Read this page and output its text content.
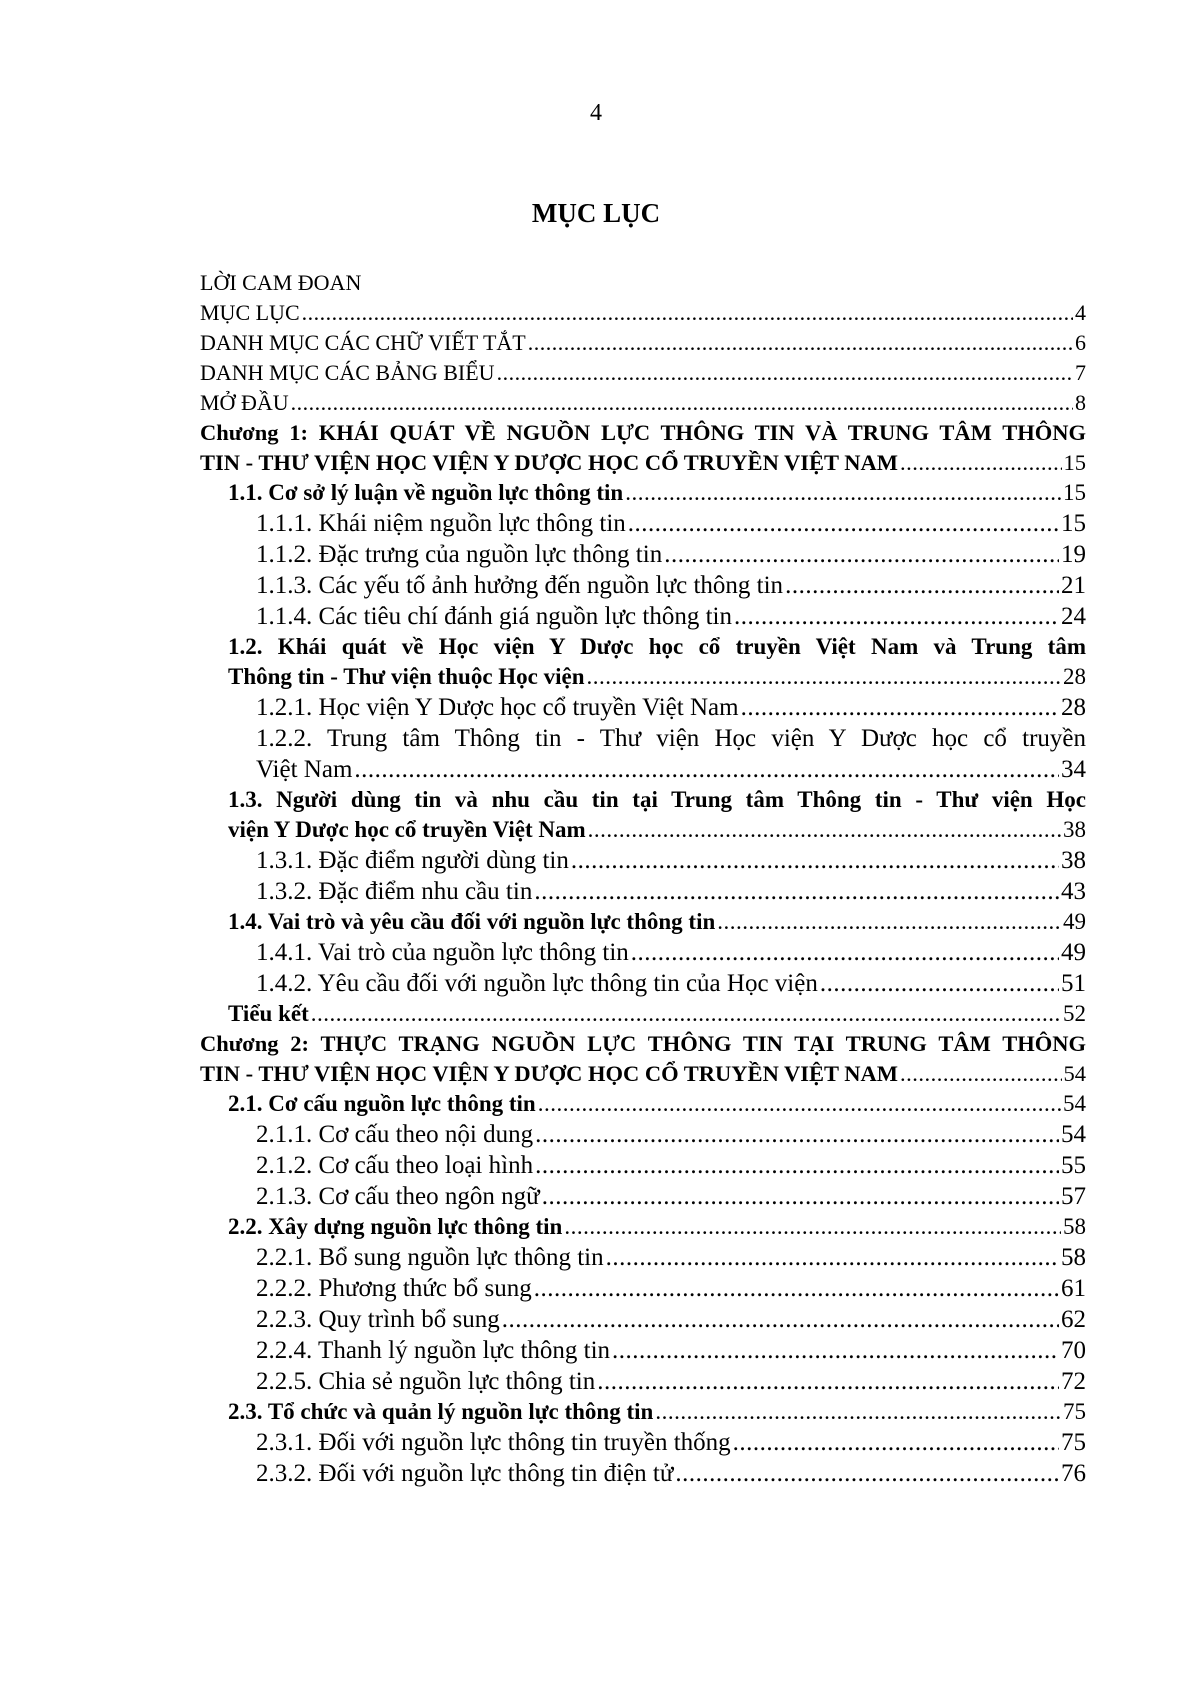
4
MỤC LỤC
LỜI CAM ĐOAN
MỤC LỤC .....	4
DANH MỤC CÁC CHỮ VIẾT TẮT .....	6
DANH MỤC CÁC BẢNG BIỂU .....	7
MỞ ĐẦU .....	8
Chương 1: KHÁI QUÁT VỀ NGUỒN LỰC THÔNG TIN VÀ TRUNG TÂM THÔNG
TIN - THƯ VIỆN HỌC VIỆN Y DƯỢC HỌC CỔ TRUYỀN VIỆT NAM .....	15
1.1. Cơ sở lý luận về nguồn lực thông tin .....	15
1.1.1. Khái niệm nguồn lực thông tin .....	15
1.1.2. Đặc trưng của nguồn lực thông tin .....	19
1.1.3. Các yếu tố ảnh hưởng đến nguồn lực thông tin .....	21
1.1.4. Các tiêu chí đánh giá nguồn lực thông tin .....	24
1.2. Khái quát về Học viện Y Dược học cổ truyền Việt Nam và Trung tâm
Thông tin - Thư viện thuộc Học viện .....	28
1.2.1. Học viện Y Dược học cổ truyền Việt Nam .....	28
1.2.2. Trung tâm Thông tin - Thư viện Học viện Y Dược học cổ truyền
Việt Nam .....	34
1.3. Người dùng tin và nhu cầu tin tại Trung tâm Thông tin - Thư viện Học
viện Y Dược học cổ truyền Việt Nam .....	38
1.3.1. Đặc điểm người dùng tin .....	38
1.3.2. Đặc điểm nhu cầu tin .....	43
1.4. Vai trò và yêu cầu đối với nguồn lực thông tin .....	49
1.4.1. Vai trò của nguồn lực thông tin .....	49
1.4.2. Yêu cầu đối với nguồn lực thông tin của Học viện .....	51
Tiểu kết .....	52
Chương 2: THỰC TRẠNG NGUỒN LỰC THÔNG TIN TẠI TRUNG TÂM THÔNG
TIN - THƯ VIỆN HỌC VIỆN Y DƯỢC HỌC CỔ TRUYỀN VIỆT NAM .....	54
2.1. Cơ cấu nguồn lực thông tin .....	54
2.1.1. Cơ cấu theo nội dung .....	54
2.1.2. Cơ cấu theo loại hình .....	55
2.1.3. Cơ cấu theo ngôn ngữ .....	57
2.2. Xây dựng nguồn lực thông tin .....	58
2.2.1. Bổ sung nguồn lực thông tin .....	58
2.2.2. Phương thức bổ sung .....	61
2.2.3. Quy trình bổ sung .....	62
2.2.4. Thanh lý nguồn lực thông tin .....	70
2.2.5. Chia sẻ nguồn lực thông tin .....	72
2.3. Tổ chức và quản lý nguồn lực thông tin .....	75
2.3.1. Đối với nguồn lực thông tin truyền thống .....	75
2.3.2. Đối với nguồn lực thông tin điện tử .....	76
